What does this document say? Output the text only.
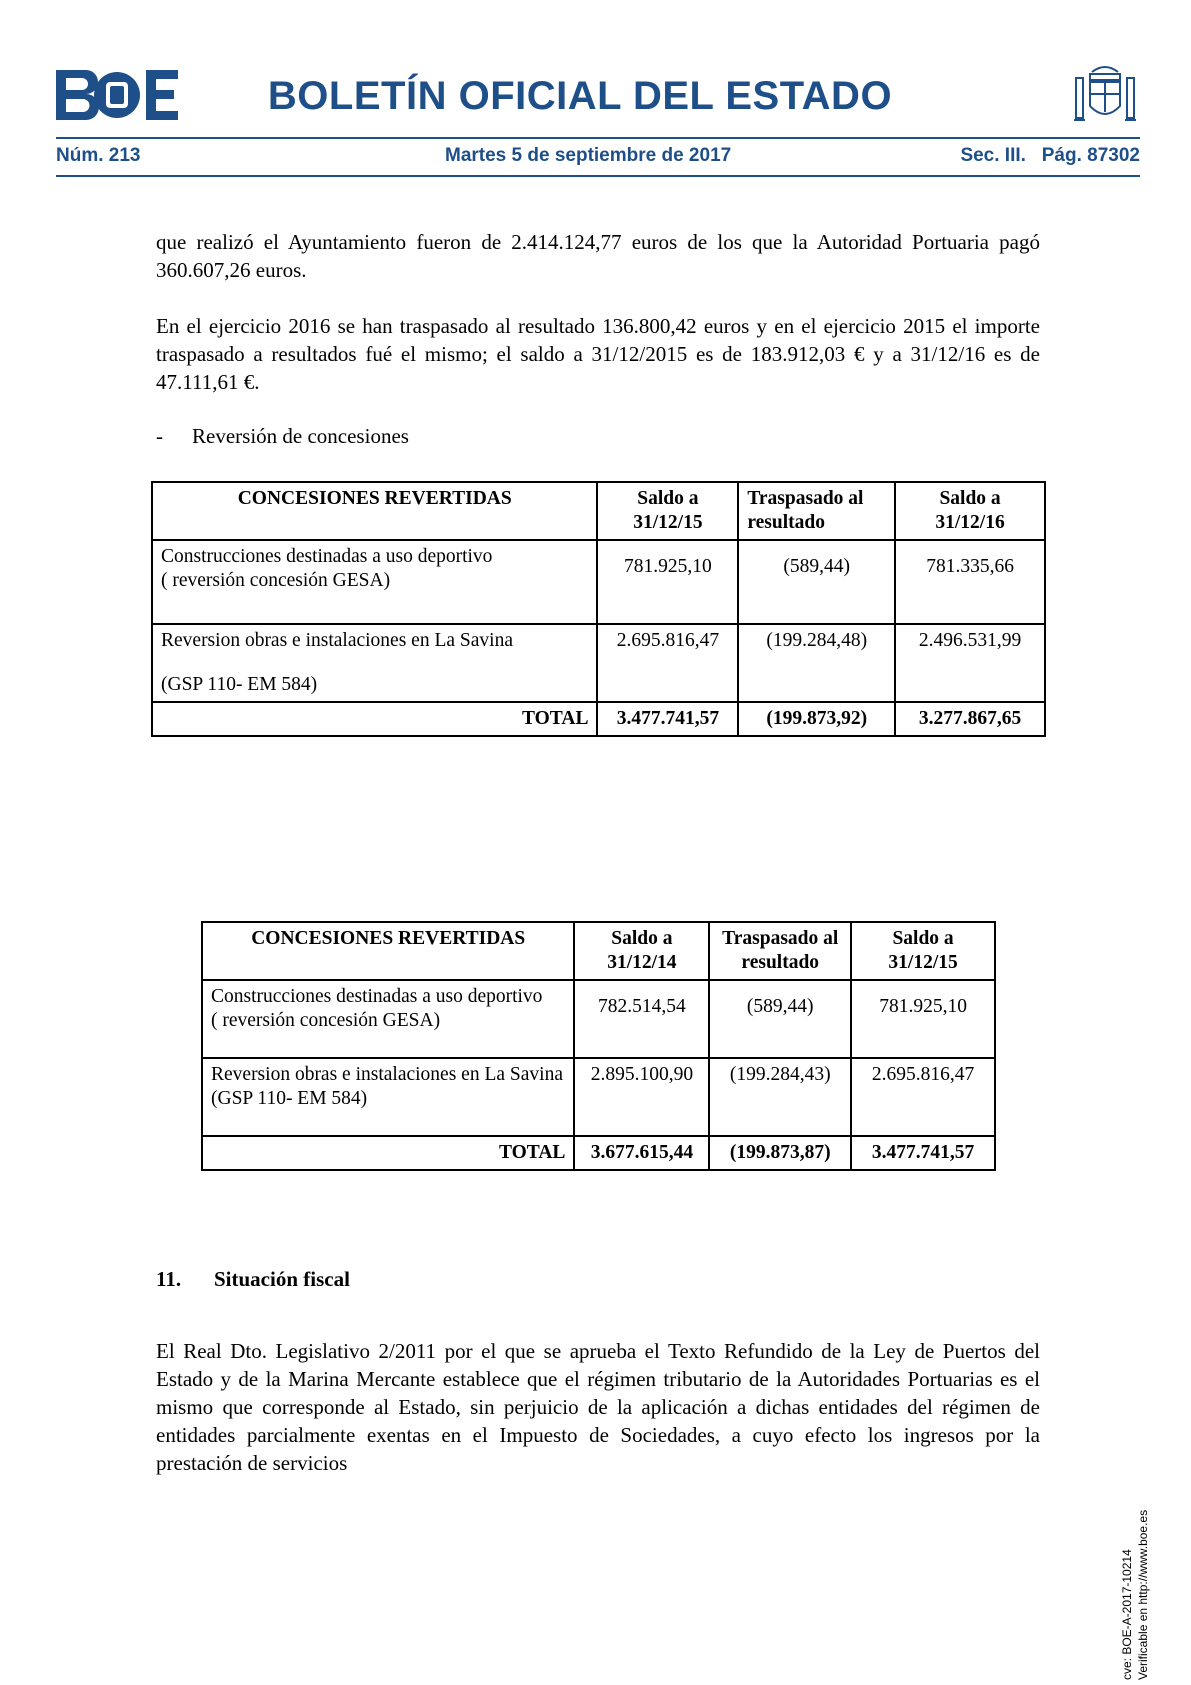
BOLETÍN OFICIAL DEL ESTADO
Núm. 213	Martes 5 de septiembre de 2017	Sec. III.   Pág. 87302
que realizó el Ayuntamiento fueron de 2.414.124,77 euros de los que la Autoridad Portuaria pagó 360.607,26 euros.
En el ejercicio 2016 se han traspasado al resultado 136.800,42 euros y en el ejercicio 2015 el importe traspasado a resultados fué el mismo; el saldo a 31/12/2015 es de 183.912,03 € y a 31/12/16 es de 47.111,61 €.
- Reversión de concesiones
CONCESIONES REVERTIDAS	Saldo a 31/12/15	Traspasado al resultado	Saldo a 31/12/16

Construcciones destinadas a uso deportivo
( reversión concesión GESA)	781.925,10	(589,44)	781.335,66

Reversion obras e instalaciones en La Savina
(GSP 110- EM 584)	2.695.816,47	(199.284,48)	2.496.531,99
TOTAL	3.477.741,57	(199.873,92)	3.277.867,65
CONCESIONES REVERTIDAS	Saldo a 31/12/14	Traspasado al resultado	Saldo a 31/12/15

Construcciones destinadas a uso deportivo
( reversión concesión GESA)	782.514,54	(589,44)	781.925,10

Reversion obras e instalaciones en La Savina
(GSP 110- EM 584)	2.895.100,90	(199.284,43)	2.695.816,47
TOTAL	3.677.615,44	(199.873,87)	3.477.741,57
11. Situación fiscal
El Real Dto. Legislativo 2/2011 por el que se aprueba el Texto Refundido de la Ley de Puertos del Estado y de la Marina Mercante establece que el régimen tributario de la Autoridades Portuarias es el mismo que corresponde al Estado, sin perjuicio de la aplicación a dichas entidades del régimen de entidades parcialmente exentas en el Impuesto de Sociedades, a cuyo efecto los ingresos por la prestación de servicios
cve: BOE-A-2017-10214 Verificable en http://www.boe.es
